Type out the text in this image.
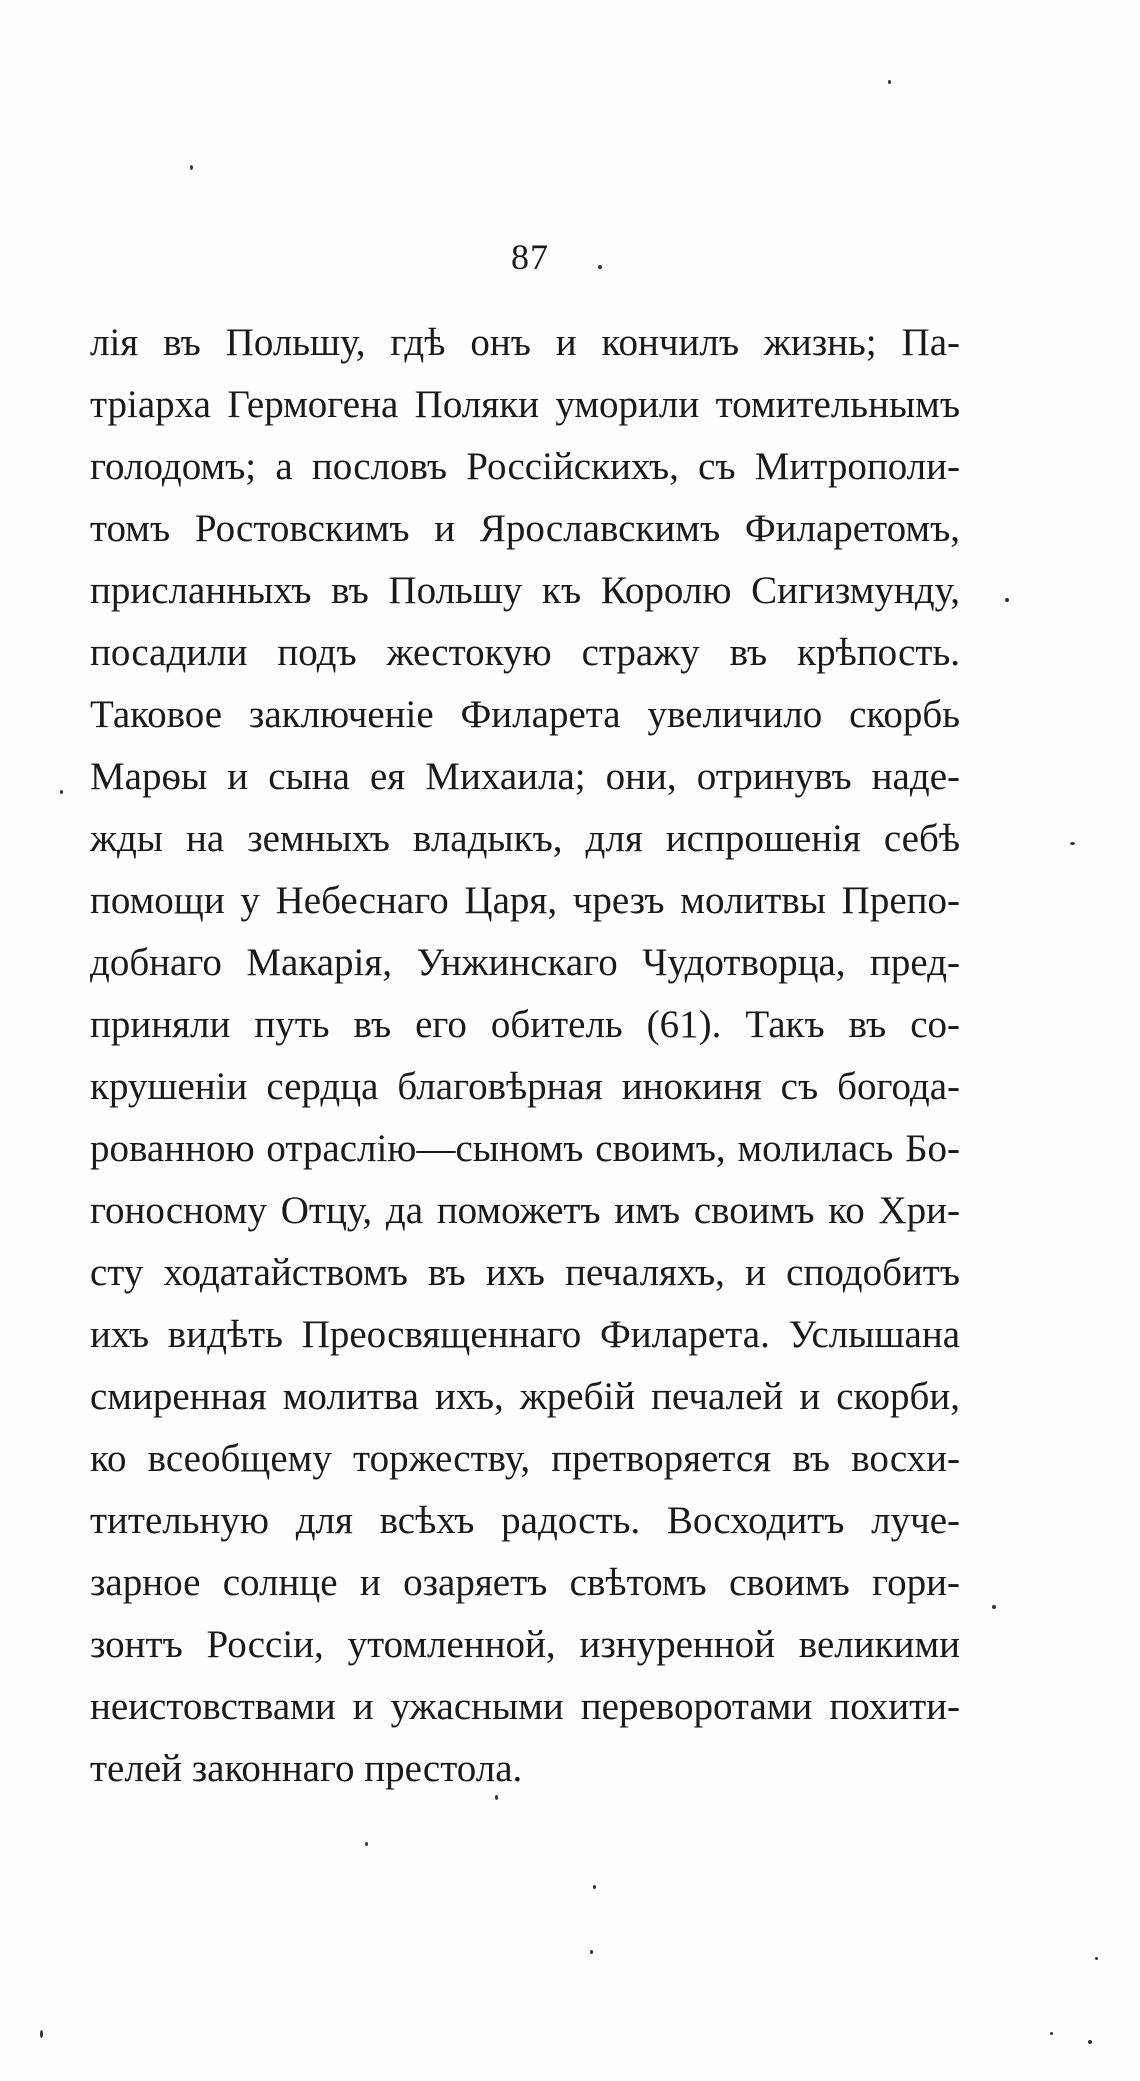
87
лія въ Польшу, гдѣ онъ и кончилъ жизнь; Па-
тріарха Гермогена Поляки уморили томительнымъ
голодомъ; а пословъ Россійскихъ, съ Митрополи-
томъ Ростовскимъ и Ярославскимъ Филаретомъ,
присланныхъ въ Польшу къ Королю Сигизмунду,
посадили подъ жестокую стражу въ крѣпость.
Таковое заключеніе Филарета увеличило скорбь
Марѳы и сына ея Михаила; они, отринувъ наде-
жды на земныхъ владыкъ, для испрошенія себѣ
помощи у Небеснаго Царя, чрезъ молитвы Препо-
добнаго Макарія, Унжинскаго Чудотворца, пред-
приняли путь въ его обитель (61). Такъ въ со-
крушеніи сердца благовѣрная инокиня съ богода-
рованною отраслію—сыномъ своимъ, молилась Бо-
гоносному Отцу, да поможетъ имъ своимъ ко Хри-
сту ходатайствомъ въ ихъ печаляхъ, и сподобитъ
ихъ видѣть Преосвященнаго Филарета. Услышана
смиренная молитва ихъ, жребій печалей и скорби,
ко всеобщему торжеству, претворяется въ восхи-
тительную для всѣхъ радость. Восходитъ луче-
зарное солнце и озаряетъ свѣтомъ своимъ гори-
зонтъ Россіи, утомленной, изнуренной великими
неистовствами и ужасными переворотами похити-
телей законнаго престола.
